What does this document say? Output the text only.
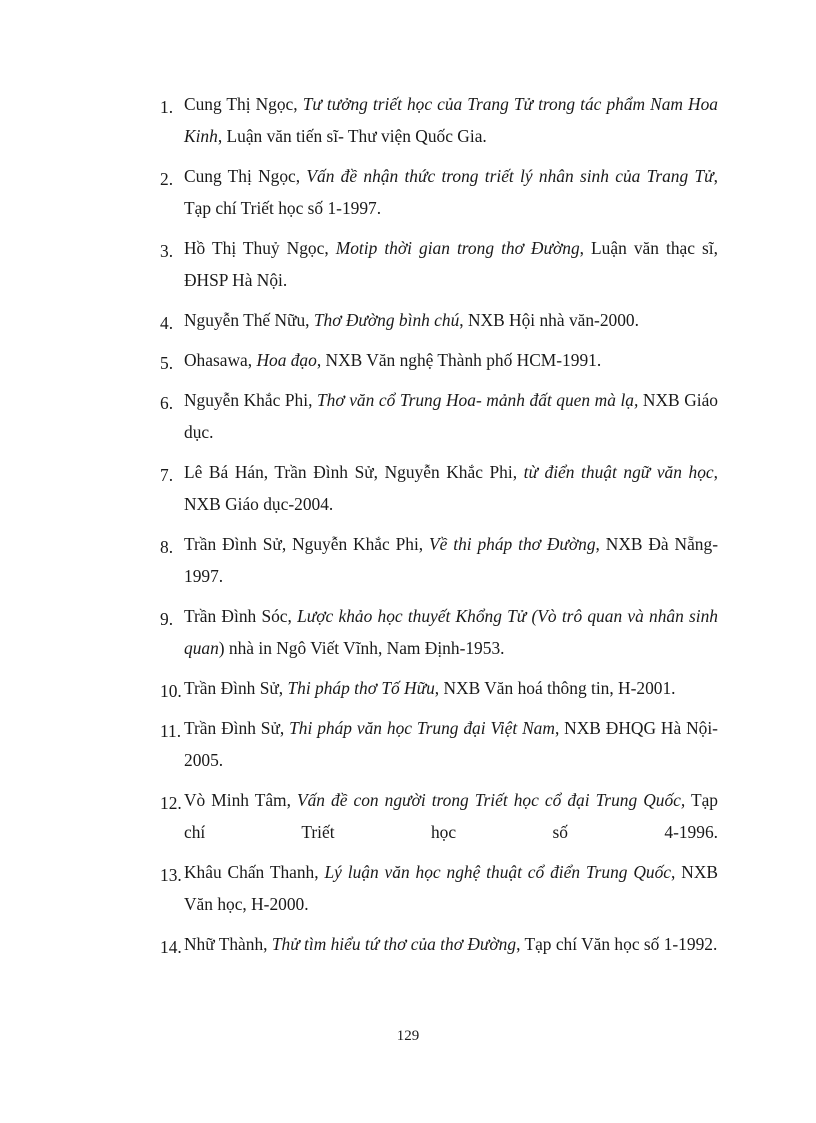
1. Cung Thị Ngọc, Tư tưởng triết học của Trang Tử trong tác phẩm Nam Hoa Kinh, Luận văn tiến sĩ- Thư viện Quốc Gia.
2. Cung Thị Ngọc, Vấn đề nhận thức trong triết lý nhân sinh của Trang Tử, Tạp chí Triết học số 1-1997.
3. Hồ Thị Thuỷ Ngọc, Motip thời gian trong thơ Đường, Luận văn thạc sĩ, ĐHSP Hà Nội.
4. Nguyễn Thế Nữu, Thơ Đường bình chú, NXB Hội nhà văn-2000.
5. Ohasawa, Hoa đạo, NXB Văn nghệ Thành phố HCM-1991.
6. Nguyễn Khắc Phi, Thơ văn cổ Trung Hoa- mảnh đất quen mà lạ, NXB Giáo dục.
7. Lê Bá Hán, Trần Đình Sử, Nguyễn Khắc Phi, từ điển thuật ngữ văn học, NXB Giáo dục-2004.
8. Trần Đình Sử, Nguyễn Khắc Phi, Về thi pháp thơ Đường, NXB Đà Nẵng-1997.
9. Trần Đình Sóc, Lược khảo học thuyết Khổng Tử (Vò trô quan và nhân sinh quan) nhà in Ngô Viết Vĩnh, Nam Định-1953.
10. Trần Đình Sử, Thi pháp thơ Tố Hữu, NXB Văn hoá thông tin, H-2001.
11. Trần Đình Sử, Thi pháp văn học Trung đại Việt Nam, NXB ĐHQG Hà Nội-2005.
12. Vò Minh Tâm, Vấn đề con người trong Triết học cổ đại Trung Quốc, Tạp chí Triết học số 4-1996.
13. Khâu Chấn Thanh, Lý luận văn học nghệ thuật cổ điển Trung Quốc, NXB Văn học, H-2000.
14. Nhữ Thành, Thử tìm hiểu tứ thơ của thơ Đường, Tạp chí Văn học số 1-1992.
129
